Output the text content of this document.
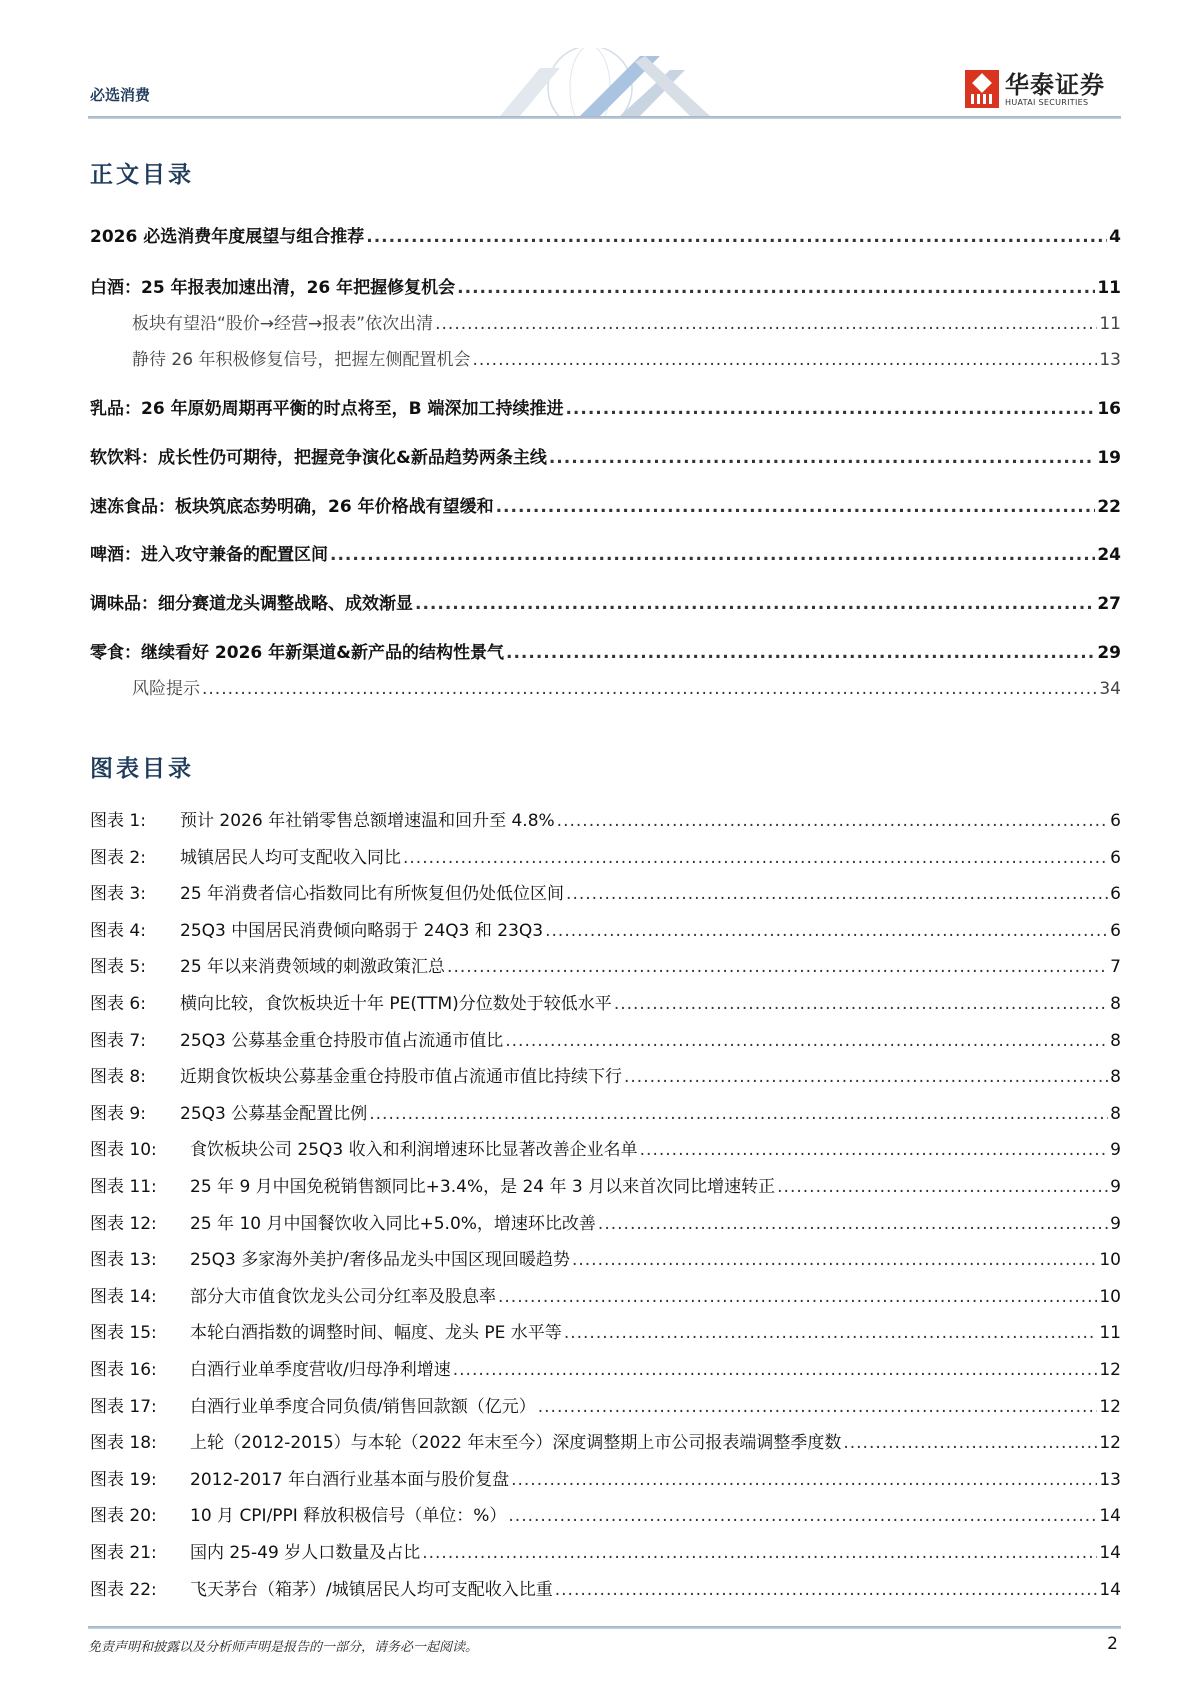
必选消费	华泰证券
HUATAI SECURITIES
正文目录
2026 必选消费年度展望与组合推荐 .....	4
白酒：25 年报表加速出清，26 年把握修复机会 .....	11
板块有望沿“股价→经营→报表”依次出清 .....	11
静待 26 年积极修复信号，把握左侧配置机会 .....	13
乳品：26 年原奶周期再平衡的时点将至，B 端深加工持续推进 .....	16
软饮料：成长性仍可期待，把握竞争演化&新品趋势两条主线 .....	19
速冻食品：板块筑底态势明确，26 年价格战有望缓和 .....	22
啤酒：进入攻守兼备的配置区间 .....	24
调味品：细分赛道龙头调整战略、成效渐显 .....	27
零食：继续看好 2026 年新渠道&新产品的结构性景气 .....	29
风险提示 .....	34
图表目录
图表 1: 预计 2026 年社销零售总额增速温和回升至 4.8% .....	6
图表 2: 城镇居民人均可支配收入同比 .....	6
图表 3: 25 年消费者信心指数同比有所恢复但仍处低位区间 .....	6
图表 4: 25Q3 中国居民消费倾向略弱于 24Q3 和 23Q3 .....	6
图表 5: 25 年以来消费领域的刺激政策汇总 .....	7
图表 6: 横向比较，食饮板块近十年 PE(TTM)分位数处于较低水平 .....	8
图表 7: 25Q3 公募基金重仓持股市值占流通市值比 .....	8
图表 8: 近期食饮板块公募基金重仓持股市值占流通市值比持续下行 .....	8
图表 9: 25Q3 公募基金配置比例 .....	8
图表 10: 食饮板块公司 25Q3 收入和利润增速环比显著改善企业名单 .....	9
图表 11: 25 年 9 月中国免税销售额同比+3.4%，是 24 年 3 月以来首次同比增速转正 .....	9
图表 12: 25 年 10 月中国餐饮收入同比+5.0%，增速环比改善 .....	9
图表 13: 25Q3 多家海外美护/奢侈品龙头中国区现回暖趋势 .....	10
图表 14: 部分大市值食饮龙头公司分红率及股息率 .....	10
图表 15: 本轮白酒指数的调整时间、幅度、龙头 PE 水平等 .....	11
图表 16: 白酒行业单季度营收/归母净利增速 .....	12
图表 17: 白酒行业单季度合同负债/销售回款额（亿元） .....	12
图表 18: 上轮（2012-2015）与本轮（2022 年末至今）深度调整期上市公司报表端调整季度数 .....	12
图表 19: 2012-2017 年白酒行业基本面与股价复盘 .....	13
图表 20: 10 月 CPI/PPI 释放积极信号（单位：%） .....	14
图表 21: 国内 25-49 岁人口数量及占比 .....	14
图表 22: 飞天茅台（箱茅）/城镇居民人均可支配收入比重 .....	14
免责声明和披露以及分析师声明是报告的一部分，请务必一起阅读。	2
